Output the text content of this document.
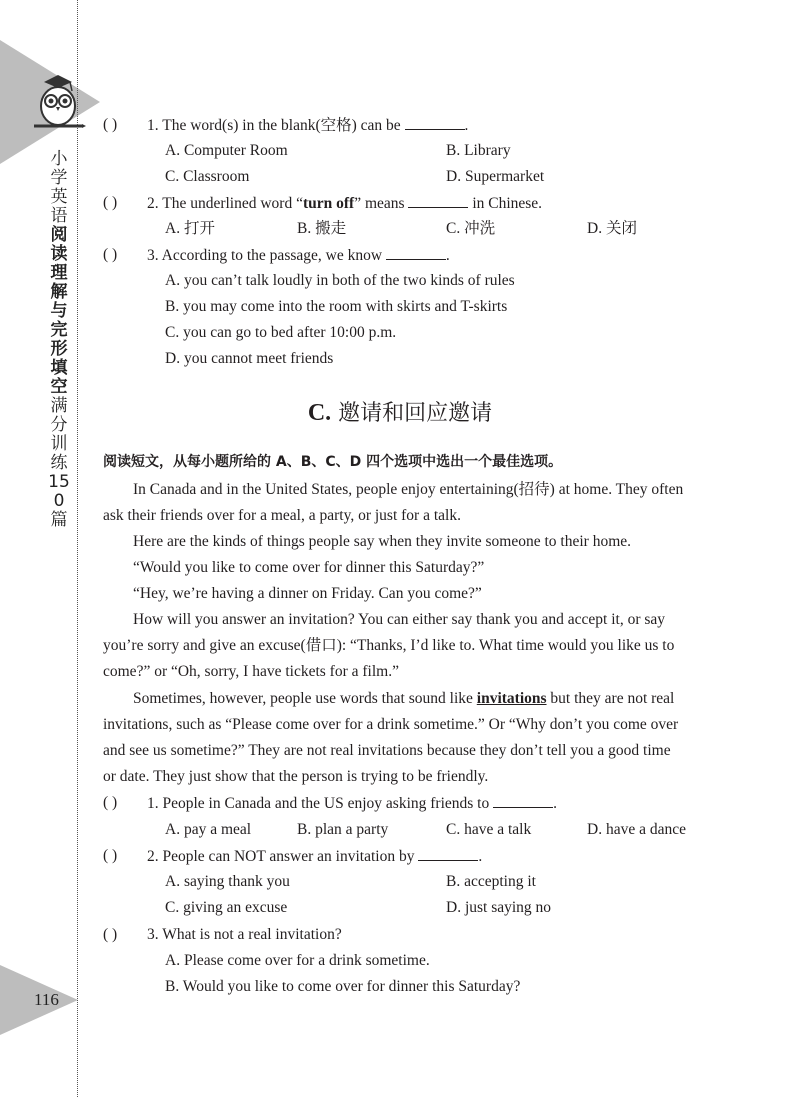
小学英语阅读理解与完形填空满分训练 150 篇
116
( ) 1. The word(s) in the blank(空格) can be	.
A. Computer Room	B. Library
C. Classroom	D. Supermarket
( ) 2. The underlined word “turn off” means	in Chinese.
A. 打开	B. 搬走	C. 冲洗	D. 关闭
( ) 3. According to the passage, we know	.
A. you can’t talk loudly in both of the two kinds of rules
B. you may come into the room with skirts and T-skirts
C. you can go to bed after 10:00 p.m.
D. you cannot meet friends
C. 邀请和回应邀请
阅读短文，从每小题所给的 A、B、C、D 四个选项中选出一个最佳选项。
In Canada and in the United States, people enjoy entertaining(招待) at home. They often
ask their friends over for a meal, a party, or just for a talk.
Here are the kinds of things people say when they invite someone to their home.
“Would you like to come over for dinner this Saturday?”
“Hey, we’re having a dinner on Friday. Can you come?”
How will you answer an invitation? You can either say thank you and accept it, or say
you’re sorry and give an excuse(借口): “Thanks, I’d like to. What time would you like us to
come?” or “Oh, sorry, I have tickets for a film.”
Sometimes, however, people use words that sound like invitations but they are not real
invitations, such as “Please come over for a drink sometime.” Or “Why don’t you come over
and see us sometime?” They are not real invitations because they don’t tell you a good time
or date. They just show that the person is trying to be friendly.
( ) 1. People in Canada and the US enjoy asking friends to	.
A. pay a meal	B. plan a party	C. have a talk	D. have a dance
( ) 2. People can NOT answer an invitation by	.
A. saying thank you	B. accepting it
C. giving an excuse	D. just saying no
( ) 3. What is not a real invitation?
A. Please come over for a drink sometime.
B. Would you like to come over for dinner this Saturday?
